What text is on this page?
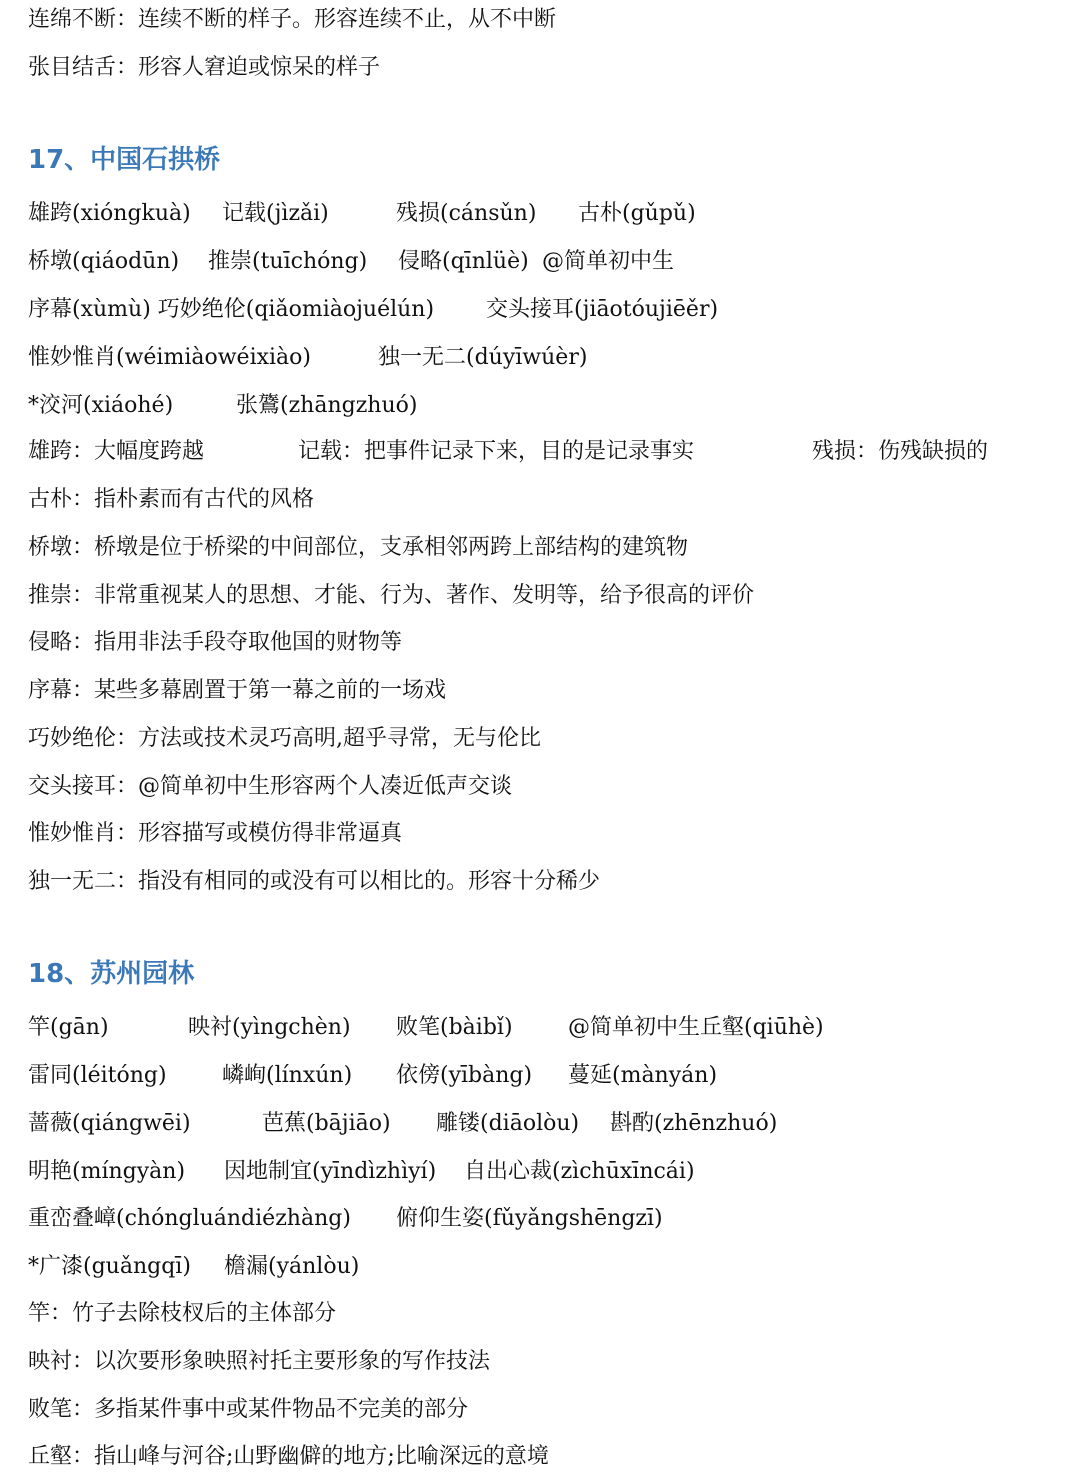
连绵不断：连续不断的样子。形容连续不止，从不中断
张目结舌：形容人窘迫或惊呆的样子
17、中国石拱桥
雄跨(xióngkuà) 记载(jìzǎi)	残损(cánsǔn) 古朴(gǔpǔ)
桥墩(qiáodūn) 推崇(tuīchóng) 侵略(qīnlüè) @简单初中生
序幕(xùmù) 巧妙绝伦(qiǎomiàojuélún) 交头接耳(jiāotóujiēěr)
惟妙惟肖(wéimiàowéixiào)	独一无二(dúyīwúèr)
*洨河(xiáohé)	张鷟(zhāngzhuó)
雄跨：大幅度跨越	记载：把事件记录下来，目的是记录事实	残损：伤残缺损的
古朴：指朴素而有古代的风格
桥墩：桥墩是位于桥梁的中间部位，支承相邻两跨上部结构的建筑物
推崇：非常重视某人的思想、才能、行为、著作、发明等，给予很高的评价
侵略：指用非法手段夺取他国的财物等
序幕：某些多幕剧置于第一幕之前的一场戏
巧妙绝伦：方法或技术灵巧高明,超乎寻常，无与伦比
交头接耳：@简单初中生形容两个人凑近低声交谈
惟妙惟肖：形容描写或模仿得非常逼真
独一无二：指没有相同的或没有可以相比的。形容十分稀少
18、苏州园林
竿(gān)	映衬(yìngchèn) 败笔(bàibǐ)	@简单初中生丘壑(qiūhè)
雷同(léitóng)	嶙峋(línxún) 依傍(yībàng) 蔓延(mànyán)
蔷薇(qiángwēi)	芭蕉(bājiāo) 雕镂(diāolòu) 斟酌(zhēnzhuó)
明艳(míngyàn) 因地制宜(yīndìzhìyí) 自出心裁(zìchūxīncái)
重峦叠嶂(chóngluándiézhàng) 俯仰生姿(fǔyǎngshēngzī)
*广漆(guǎngqī) 檐漏(yánlòu)
竿：竹子去除枝杈后的主体部分
映衬：以次要形象映照衬托主要形象的写作技法
败笔：多指某件事中或某件物品不完美的部分
丘壑：指山峰与河谷;山野幽僻的地方;比喻深远的意境
